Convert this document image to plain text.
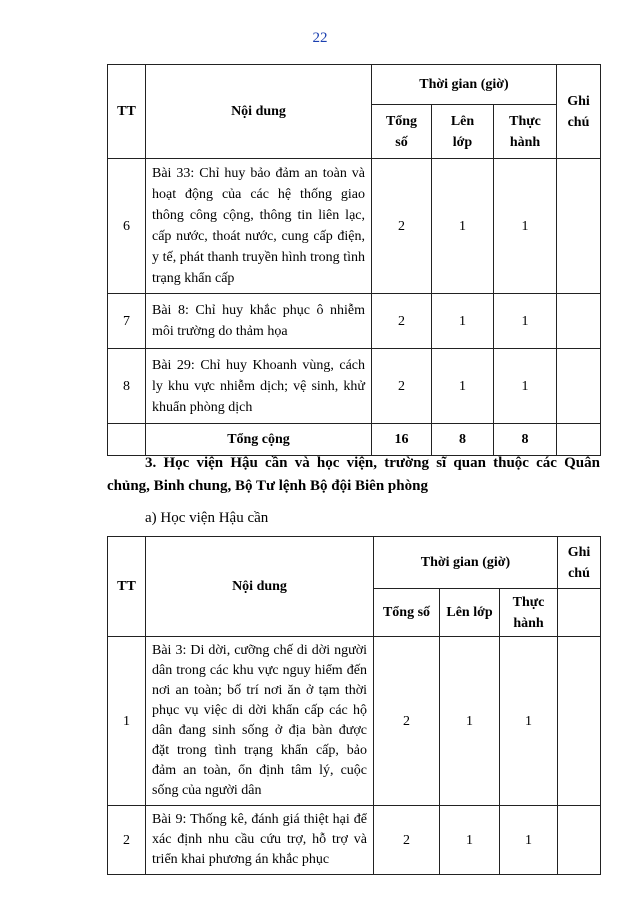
22
TT	Nội dung	Thời gian (giờ)			Ghi chú
		Tổng số	Lên lớp	Thực hành	
6	Bài 33: Chỉ huy bảo đảm an toàn và hoạt động của các hệ thống giao thông công cộng, thông tin liên lạc, cấp nước, thoát nước, cung cấp điện, y tế, phát thanh truyền hình trong tình trạng khẩn cấp	2	1	1	
7	Bài 8: Chỉ huy khắc phục ô nhiễm môi trường do thảm họa	2	1	1	
8	Bài 29: Chỉ huy Khoanh vùng, cách ly khu vực nhiễm dịch; vệ sinh, khử khuẩn phòng dịch	2	1	1	
	Tổng cộng	16	8	8	
3. Học viện Hậu cần và học viện, trường sĩ quan thuộc các Quân chủng, Binh chung, Bộ Tư lệnh Bộ đội Biên phòng
a) Học viện Hậu cần
TT	Nội dung	Thời gian (giờ)			Ghi chú
		Tổng số	Lên lớp	Thực hành	
1	Bài 3: Di dời, cưỡng chế di dời người dân trong các khu vực nguy hiểm đến nơi an toàn; bố trí nơi ăn ở tạm thời phục vụ việc di dời khẩn cấp các hộ dân đang sinh sống ở địa bàn được đặt trong tình trạng khẩn cấp, bảo đảm an toàn, ổn định tâm lý, cuộc sống của người dân	2	1	1	
2	Bài 9: Thống kê, đánh giá thiệt hại để xác định nhu cầu cứu trợ, hỗ trợ và triển khai phương án khắc phục	2	1	1	
